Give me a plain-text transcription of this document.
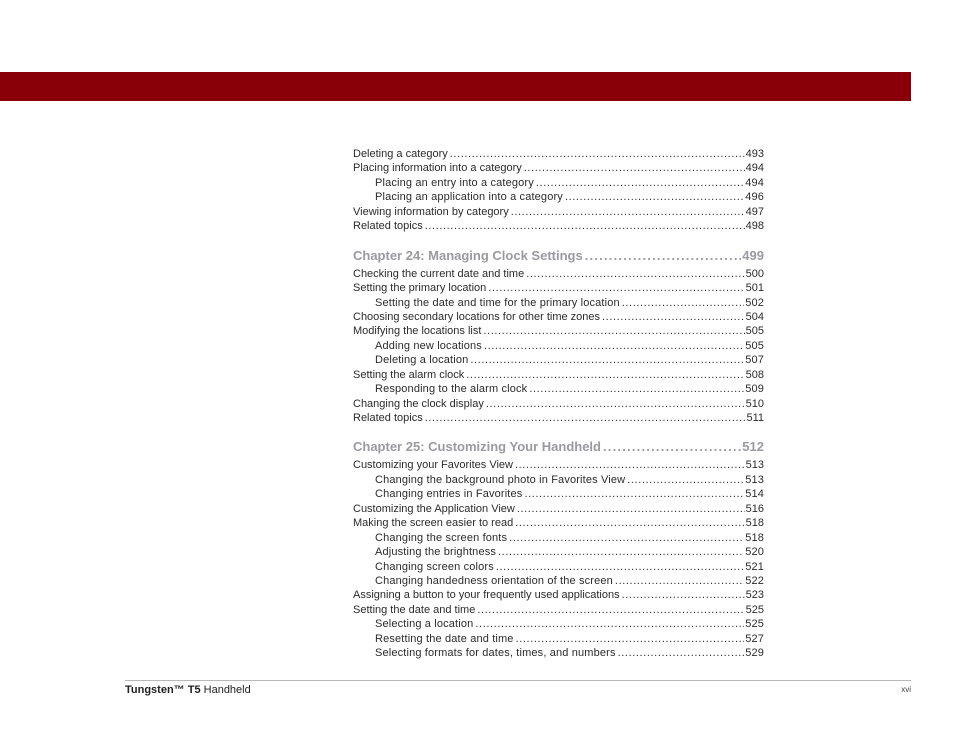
Deleting a category .....	493
Placing information into a category .....	494
Placing an entry into a category .....	494
Placing an application into a category .....	496
Viewing information by category .....	497
Related topics .....	498
Chapter 24: Managing Clock Settings .....	499
Checking the current date and time .....	500
Setting the primary location .....	501
Setting the date and time for the primary location .....	502
Choosing secondary locations for other time zones .....	504
Modifying the locations list .....	505
Adding new locations .....	505
Deleting a location .....	507
Setting the alarm clock .....	508
Responding to the alarm clock .....	509
Changing the clock display .....	510
Related topics .....	511
Chapter 25: Customizing Your Handheld .....	512
Customizing your Favorites View .....	513
Changing the background photo in Favorites View .....	513
Changing entries in Favorites .....	514
Customizing the Application View .....	516
Making the screen easier to read .....	518
Changing the screen fonts .....	518
Adjusting the brightness .....	520
Changing screen colors .....	521
Changing handedness orientation of the screen .....	522
Assigning a button to your frequently used applications .....	523
Setting the date and time .....	525
Selecting a location .....	525
Resetting the date and time .....	527
Selecting formats for dates, times, and numbers .....	529
Tungsten™ T5 Handheld	xvi
